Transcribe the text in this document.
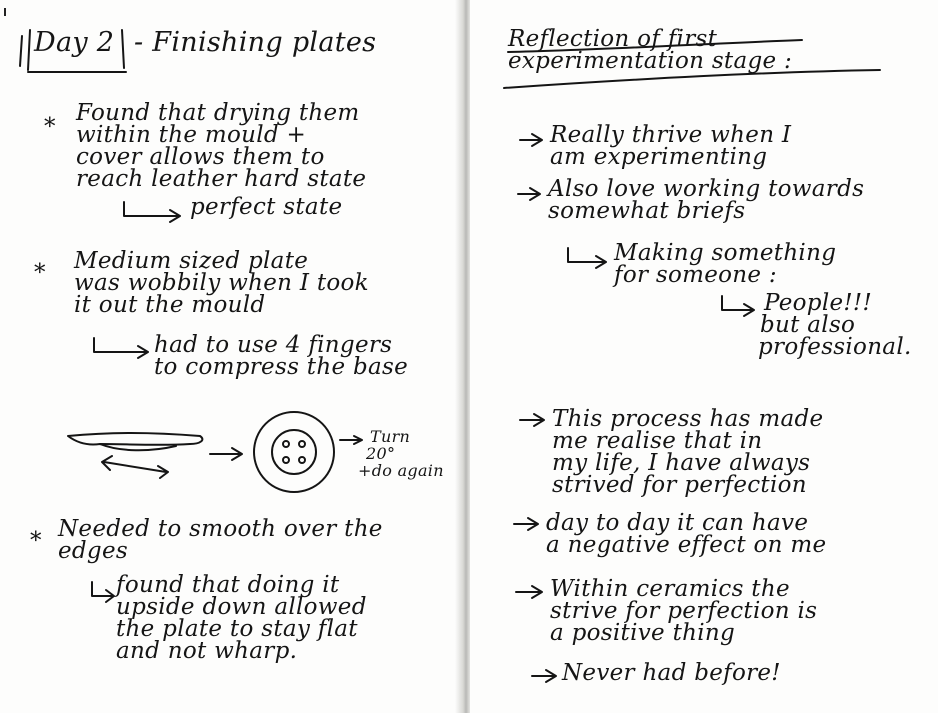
Day 2 - Finishing plates
*
Found that drying them
within the mould +
cover allows them to
reach leather hard state
perfect state
* Medium sized plate
was wobbily when I took
it out the mould
had to use 4 fingers
to compress the base
Turn
20°
+do again
* Needed to smooth over the
edges
found that doing it
upside down allowed
the plate to stay flat
and not wharp.
Reflection of first
experimentation stage :
Really thrive when I
am experimenting
Also love working towards
somewhat briefs
Making something
for someone :
People!!!
but also
professional.
This process has made
me realise that in
my life, I have always
strived for perfection
day to day it can have
a negative effect on me
Within ceramics the
strive for perfection is
a positive thing
Never had before!
